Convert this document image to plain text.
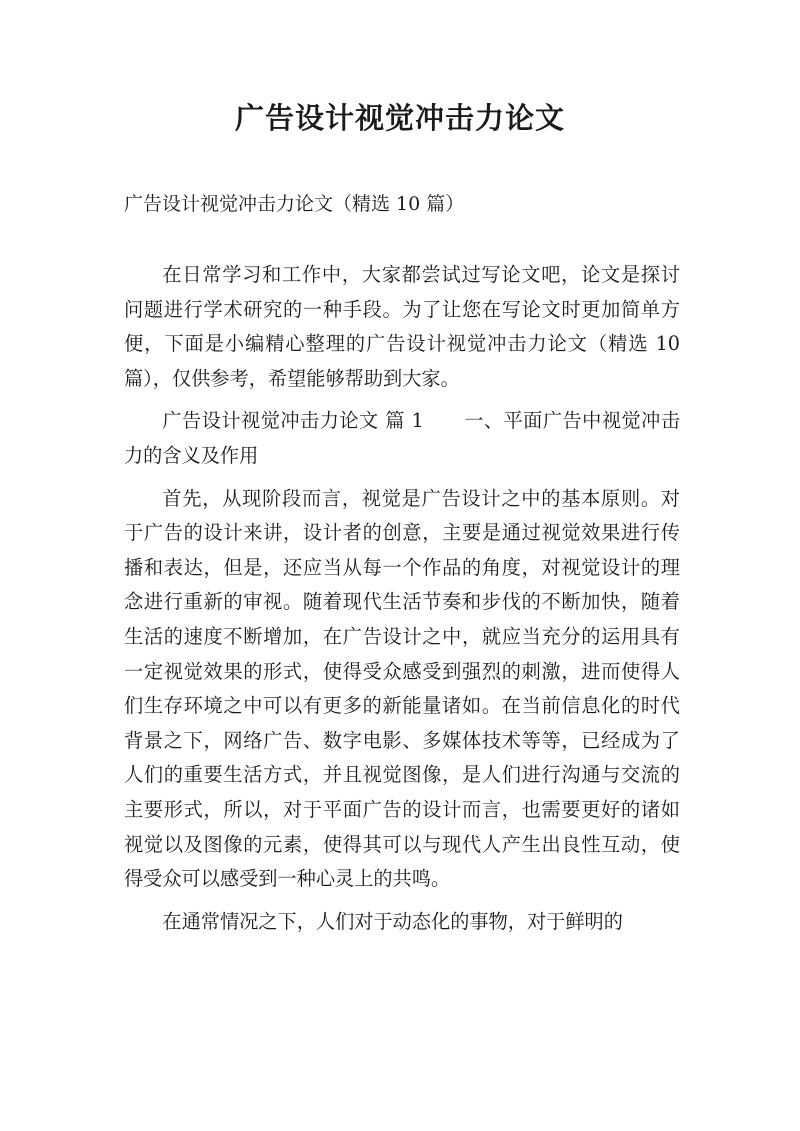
广告设计视觉冲击力论文

广告设计视觉冲击力论文（精选 10 篇）

在日常学习和工作中，大家都尝试过写论文吧，论文是探讨问题进行学术研究的一种手段。为了让您在写论文时更加简单方便，下面是小编精心整理的广告设计视觉冲击力论文（精选 10 篇），仅供参考，希望能够帮助到大家。

广告设计视觉冲击力论文 篇 1 一、平面广告中视觉冲击力的含义及作用

首先，从现阶段而言，视觉是广告设计之中的基本原则。对于广告的设计来讲，设计者的创意，主要是通过视觉效果进行传播和表达，但是，还应当从每一个作品的角度，对视觉设计的理念进行重新的审视。随着现代生活节奏和步伐的不断加快，随着生活的速度不断增加，在广告设计之中，就应当充分的运用具有一定视觉效果的形式，使得受众感受到强烈的刺激，进而使得人们生存环境之中可以有更多的新能量诸如。在当前信息化的时代背景之下，网络广告、数字电影、多媒体技术等等，已经成为了人们的重要生活方式，并且视觉图像，是人们进行沟通与交流的主要形式，所以，对于平面广告的设计而言，也需要更好的诸如视觉以及图像的元素，使得其可以与现代人产生出良性互动，使得受众可以感受到一种心灵上的共鸣。

在通常情况之下，人们对于动态化的事物，对于鲜明的
